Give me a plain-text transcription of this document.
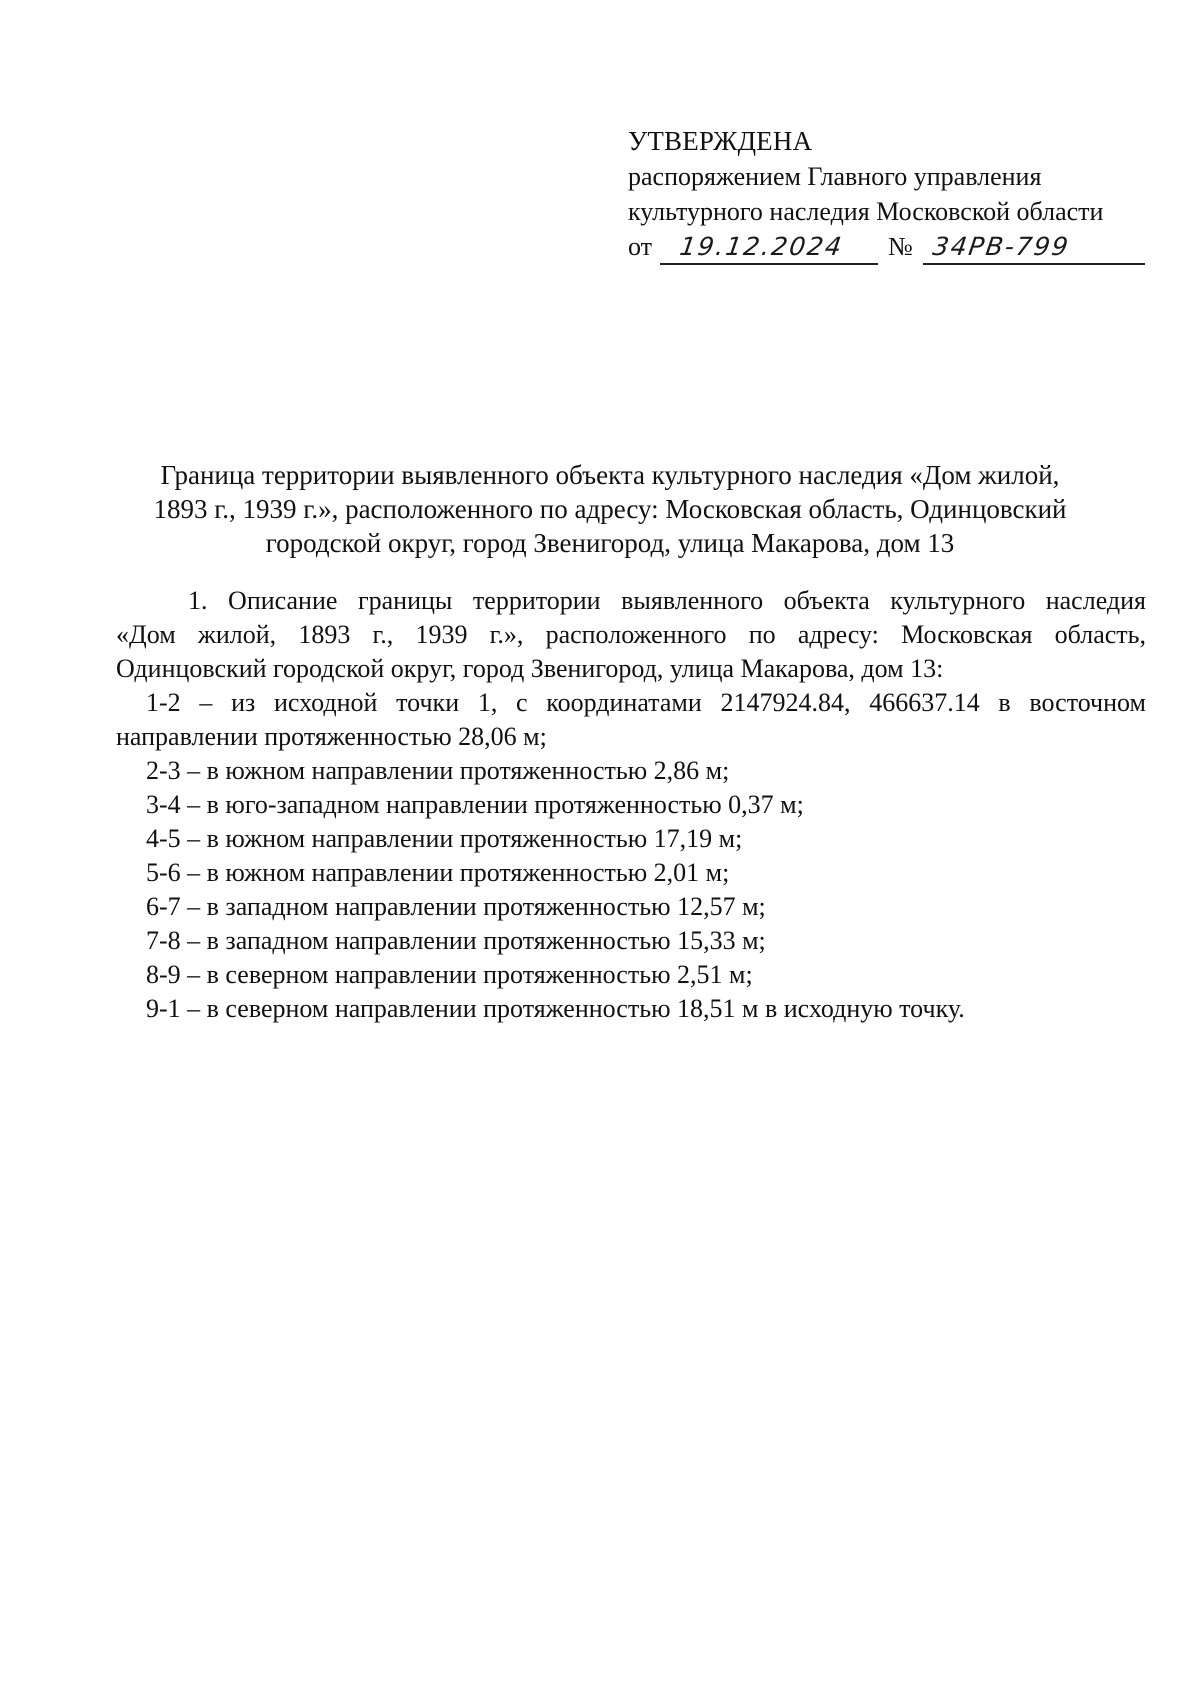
УТВЕРЖДЕНА
распоряжением Главного управления
культурного наследия Московской области
от 19.12.2024 № 34РВ-799
Граница территории выявленного объекта культурного наследия «Дом жилой,
1893 г., 1939 г.», расположенного по адресу: Московская область, Одинцовский
городской округ, город Звенигород, улица Макарова, дом 13
1. Описание границы территории выявленного объекта культурного наследия
«Дом жилой, 1893 г., 1939 г.», расположенного по адресу: Московская область,
Одинцовский городской округ, город Звенигород, улица Макарова, дом 13:
1-2 – из исходной точки 1, с координатами 2147924.84, 466637.14 в восточном
направлении протяженностью 28,06 м;
2-3 – в южном направлении протяженностью 2,86 м;
3-4 – в юго-западном направлении протяженностью 0,37 м;
4-5 – в южном направлении протяженностью 17,19 м;
5-6 – в южном направлении протяженностью 2,01 м;
6-7 – в западном направлении протяженностью 12,57 м;
7-8 – в западном направлении протяженностью 15,33 м;
8-9 – в северном направлении протяженностью 2,51 м;
9-1 – в северном направлении протяженностью 18,51 м в исходную точку.
